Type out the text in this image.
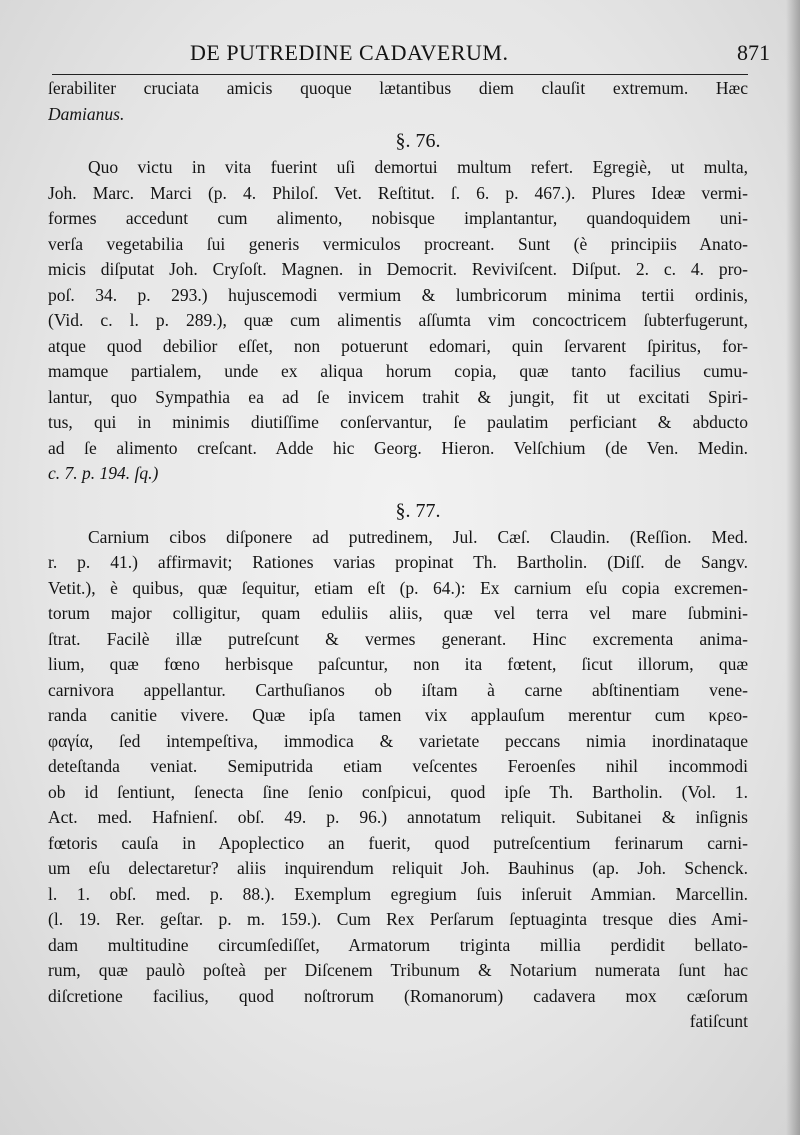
DE PUTREDINE CADAVERUM.	871
ſerabiliter cruciata amicis quoque lætantibus diem clauſit extremum. Hæc
Damianus.
§. 76.
Quo victu in vita fuerint uſi demortui multum refert. Egregiè, ut multa,
Joh. Marc. Marci (p. 4. Philoſ. Vet. Reſtitut. ſ. 6. p. 467.). Plures Ideæ vermi-
formes accedunt cum alimento, nobisque implantantur, quandoquidem uni-
verſa vegetabilia ſui generis vermiculos procreant. Sunt (è principiis Anato-
micis diſputat Joh. Cryſoſt. Magnen. in Democrit. Reviviſcent. Diſput. 2. c. 4. pro-
poſ. 34. p. 293.) hujuscemodi vermium & lumbricorum minima tertii ordinis,
(Vid. c. l. p. 289.), quæ cum alimentis aſſumta vim concoctricem ſubterfugerunt,
atque quod debilior eſſet, non potuerunt edomari, quin ſervarent ſpiritus, for-
mamque partialem, unde ex aliqua horum copia, quæ tanto facilius cumu-
lantur, quo Sympathia ea ad ſe invicem trahit & jungit, fit ut excitati Spiri-
tus, qui in minimis diutiſſime conſervantur, ſe paulatim perficiant & abducto
ad ſe alimento creſcant. Adde hic Georg. Hieron. Velſchium (de Ven. Medin.
c. 7. p. 194. ſq.)
§. 77.
Carnium cibos diſponere ad putredinem, Jul. Cæſ. Claudin. (Reſſion. Med.
r. p. 41.) affirmavit; Rationes varias propinat Th. Bartholin. (Diſſ. de Sangv.
Vetit.), è quibus, quæ ſequitur, etiam eſt (p. 64.): Ex carnium eſu copia excremen-
torum major colligitur, quam eduliis aliis, quæ vel terra vel mare ſubmini-
ſtrat. Facilè illæ putreſcunt & vermes generant. Hinc excrementa anima-
lium, quæ fœno herbisque paſcuntur, non ita fœtent, ſicut illorum, quæ
carnivora appellantur. Carthuſianos ob iſtam à carne abſtinentiam vene-
randa canitie vivere. Quæ ipſa tamen vix applauſum merentur cum κρεο-
φαγία, ſed intempeſtiva, immodica & varietate peccans nimia inordinataque
deteſtanda veniat. Semiputrida etiam veſcentes Feroenſes nihil incommodi
ob id ſentiunt, ſenecta ſine ſenio conſpicui, quod ipſe Th. Bartholin. (Vol. 1.
Act. med. Hafnienſ. obſ. 49. p. 96.) annotatum reliquit. Subitanei & inſignis
fœtoris cauſa in Apoplectico an fuerit, quod putreſcentium ferinarum carni-
um eſu delectaretur? aliis inquirendum reliquit Joh. Bauhinus (ap. Joh. Schenck.
l. 1. obſ. med. p. 88.). Exemplum egregium ſuis inſeruit Ammian. Marcellin.
(l. 19. Rer. geſtar. p. m. 159.). Cum Rex Perſarum ſeptuaginta tresque dies Ami-
dam multitudine circumſediſſet, Armatorum triginta millia perdidit bellato-
rum, quæ paulò poſteà per Diſcenem Tribunum & Notarium numerata ſunt hac
diſcretione facilius, quod noſtrorum (Romanorum) cadavera mox cæſorum
fatiſcunt
